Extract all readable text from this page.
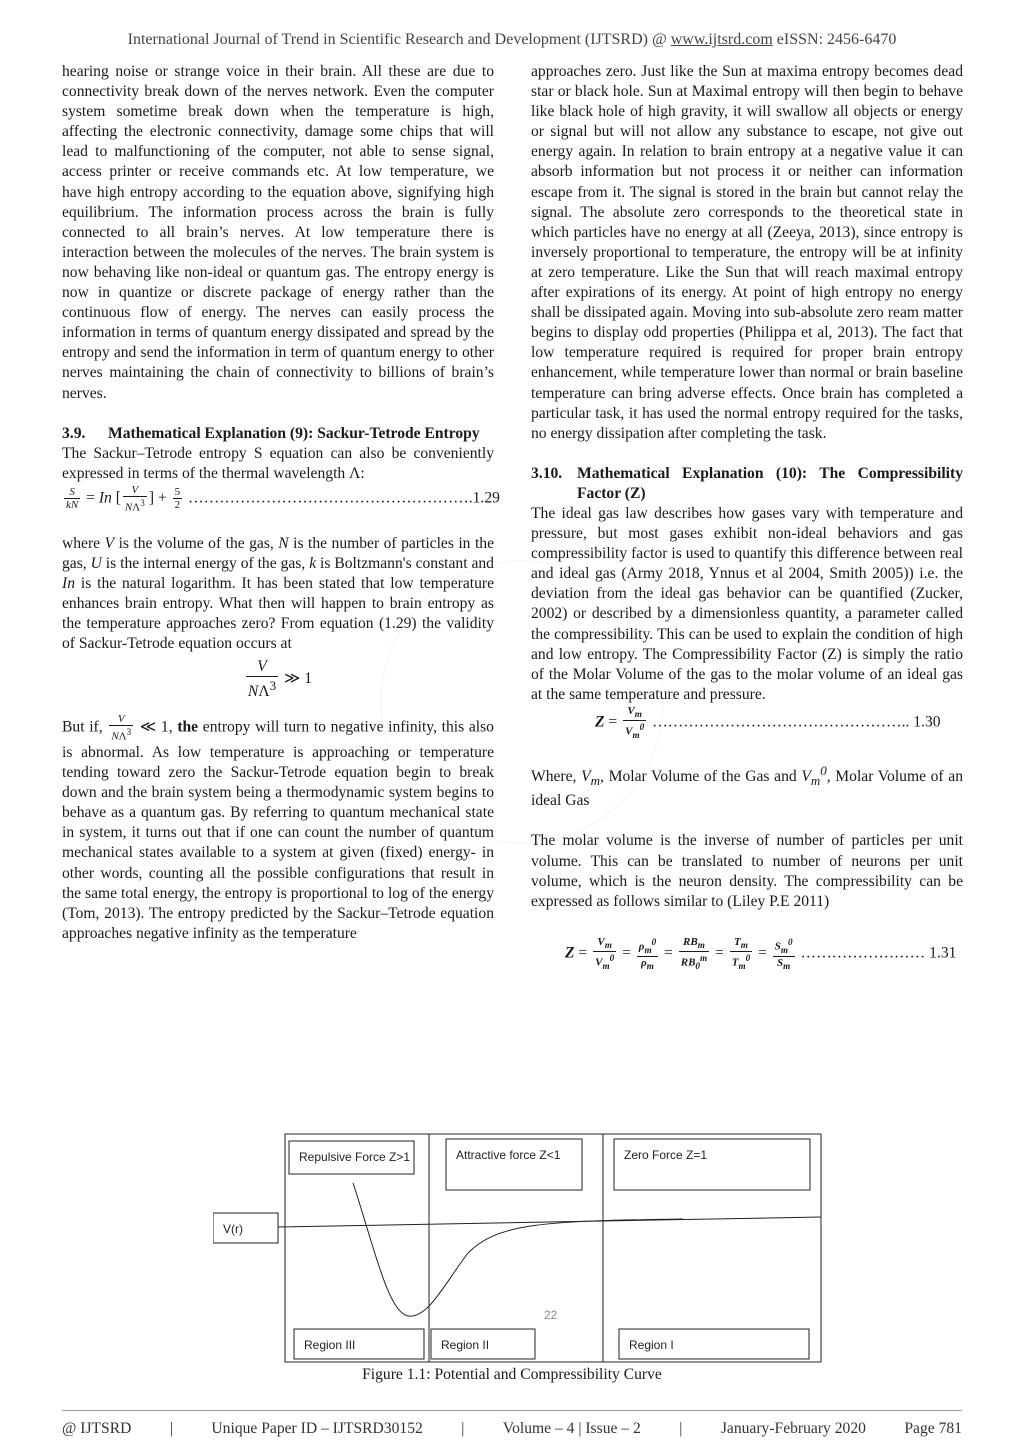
International Journal of Trend in Scientific Research and Development (IJTSRD) @ www.ijtsrd.com eISSN: 2456-6470

hearing noise or strange voice in their brain. All these are due to connectivity break down of the nerves network. Even the computer system sometime break down when the temperature is high, affecting the electronic connectivity, damage some chips that will lead to malfunctioning of the computer, not able to sense signal, access printer or receive commands etc. At low temperature, we have high entropy according to the equation above, signifying high equilibrium. The information process across the brain is fully connected to all brain’s nerves. At low temperature there is interaction between the molecules of the nerves. The brain system is now behaving like non-ideal or quantum gas. The entropy energy is now in quantize or discrete package of energy rather than the continuous flow of energy. The nerves can easily process the information in terms of quantum energy dissipated and spread by the entropy and send the information in term of quantum energy to other nerves maintaining the chain of connectivity to billions of brain’s nerves.

3.9.	Mathematical Explanation (9): Sackur-Tetrode Entropy

The Sackur–Tetrode entropy S equation can also be conveniently expressed in terms of the thermal wavelength Λ:

$\frac{S}{kN} = In$ [ $\frac{V}{N\Lambda^3}$ ] + $\frac{5}{2}$ ……………………………………………….1.29

where V is the volume of the gas, N is the number of particles in the gas, U is the internal energy of the gas, k is Boltzmann's constant and In is the natural logarithm. It has been stated that low temperature enhances brain entropy. What then will happen to brain entropy as the temperature approaches zero? From equation (1.29) the validity of Sackur-Tetrode equation occurs at

$\frac{V}{N\Lambda^3}$ ≫ 1

But if, $\frac{V}{N\Lambda^3}$ ≪ 1, the entropy will turn to negative infinity, this also is abnormal. As low temperature is approaching or temperature tending toward zero the Sackur-Tetrode equation begin to break down and the brain system being a thermodynamic system begins to behave as a quantum gas. By referring to quantum mechanical state in system, it turns out that if one can count the number of quantum mechanical states available to a system at given (fixed) energy- in other words, counting all the possible configurations that result in the same total energy, the entropy is proportional to log of the energy (Tom, 2013). The entropy predicted by the Sackur–Tetrode equation approaches negative infinity as the temperature

approaches zero. Just like the Sun at maxima entropy becomes dead star or black hole. Sun at Maximal entropy will then begin to behave like black hole of high gravity, it will swallow all objects or energy or signal but will not allow any substance to escape, not give out energy again. In relation to brain entropy at a negative value it can absorb information but not process it or neither can information escape from it. The signal is stored in the brain but cannot relay the signal. The absolute zero corresponds to the theoretical state in which particles have no energy at all (Zeeya, 2013), since entropy is inversely proportional to temperature, the entropy will be at infinity at zero temperature. Like the Sun that will reach maximal entropy after expirations of its energy. At point of high entropy no energy shall be dissipated again. Moving into sub-absolute zero ream matter begins to display odd properties (Philippa et al, 2013). The fact that low temperature required is required for proper brain entropy enhancement, while temperature lower than normal or brain baseline temperature can bring adverse effects. Once brain has completed a particular task, it has used the normal entropy required for the tasks, no energy dissipation after completing the task.

3.10. Mathematical Explanation (10): The Compressibility Factor (Z)

The ideal gas law describes how gases vary with temperature and pressure, but most gases exhibit non-ideal behaviors and gas compressibility factor is used to quantify this difference between real and ideal gas (Army 2018, Ynnus et al 2004, Smith 2005)) i.e. the deviation from the ideal gas behavior can be quantified (Zucker, 2002) or described by a dimensionless quantity, a parameter called the compressibility. This can be used to explain the condition of high and low entropy. The Compressibility Factor (Z) is simply the ratio of the Molar Volume of the gas to the molar volume of an ideal gas at the same temperature and pressure.

$Z = \frac{V_m}{V_m^0}$ ………………………………………….. 1.30

Where, $V_m$, Molar Volume of the Gas and $V_m^0$, Molar Volume of an ideal Gas

The molar volume is the inverse of number of particles per unit volume. This can be translated to number of neurons per unit volume, which is the neuron density. The compressibility can be expressed as follows similar to (Liley P.E 2011)

$Z = \frac{V_m}{V_m^0} = \frac{\rho_m^0}{\rho_m} = \frac{RB_m}{RB_0^m} = \frac{T_m}{T_m^0} = \frac{S_m^0}{S_m}$ …………………… 1.31
Repulsive Force Z>1	Attractive force Z<1	Zero Force Z=1
V(r)
Region III	Region II	Region I
22
Figure 1.1: Potential and Compressibility Curve
@ IJTSRD | Unique Paper ID – IJTSRD30152 | Volume – 4 | Issue – 2 | January-February 2020 Page 781
